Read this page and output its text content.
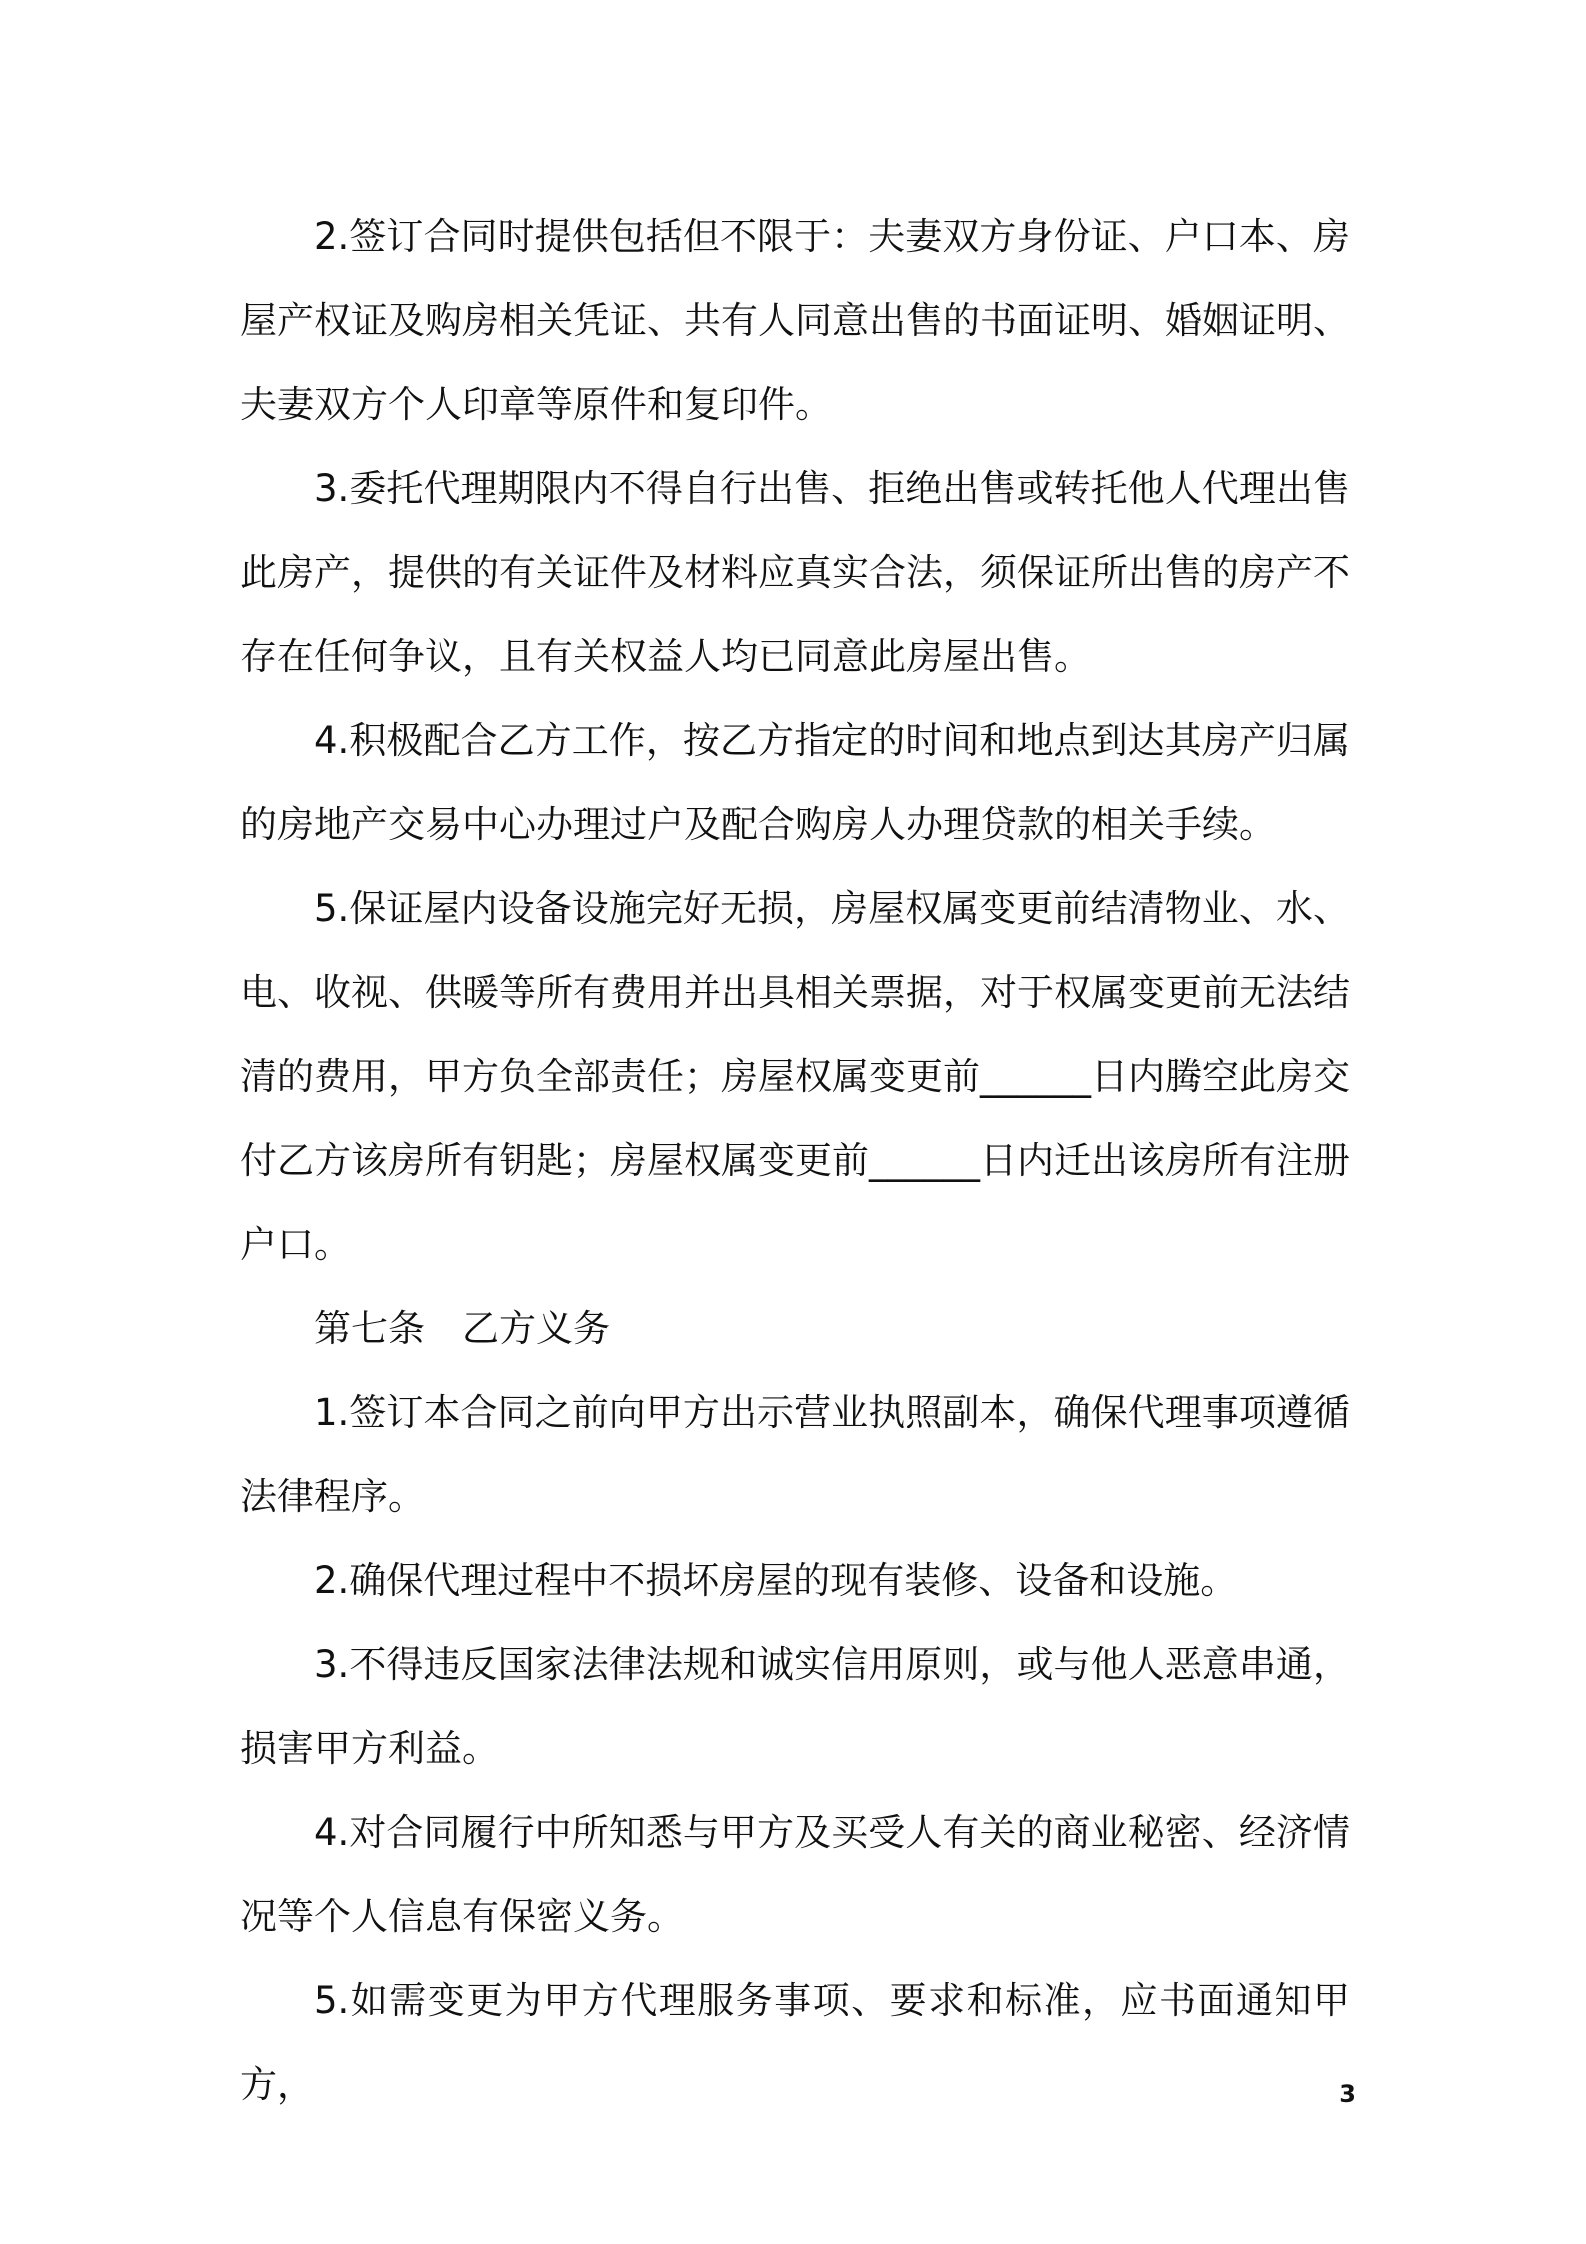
2.签订合同时提供包括但不限于：夫妻双方身份证、户口本、房屋产权证及购房相关凭证、共有人同意出售的书面证明、婚姻证明、夫妻双方个人印章等原件和复印件。

3.委托代理期限内不得自行出售、拒绝出售或转托他人代理出售此房产，提供的有关证件及材料应真实合法，须保证所出售的房产不存在任何争议，且有关权益人均已同意此房屋出售。

4.积极配合乙方工作，按乙方指定的时间和地点到达其房产归属的房地产交易中心办理过户及配合购房人办理贷款的相关手续。

5.保证屋内设备设施完好无损，房屋权属变更前结清物业、水、电、收视、供暖等所有费用并出具相关票据，对于权属变更前无法结清的费用，甲方负全部责任；房屋权属变更前______日内腾空此房交付乙方该房所有钥匙；房屋权属变更前______日内迁出该房所有注册户口。

第七条　乙方义务

1.签订本合同之前向甲方出示营业执照副本，确保代理事项遵循法律程序。

2.确保代理过程中不损坏房屋的现有装修、设备和设施。

3.不得违反国家法律法规和诚实信用原则，或与他人恶意串通，损害甲方利益。

4.对合同履行中所知悉与甲方及买受人有关的商业秘密、经济情况等个人信息有保密义务。

5.如需变更为甲方代理服务事项、要求和标准，应书面通知甲方，	3
